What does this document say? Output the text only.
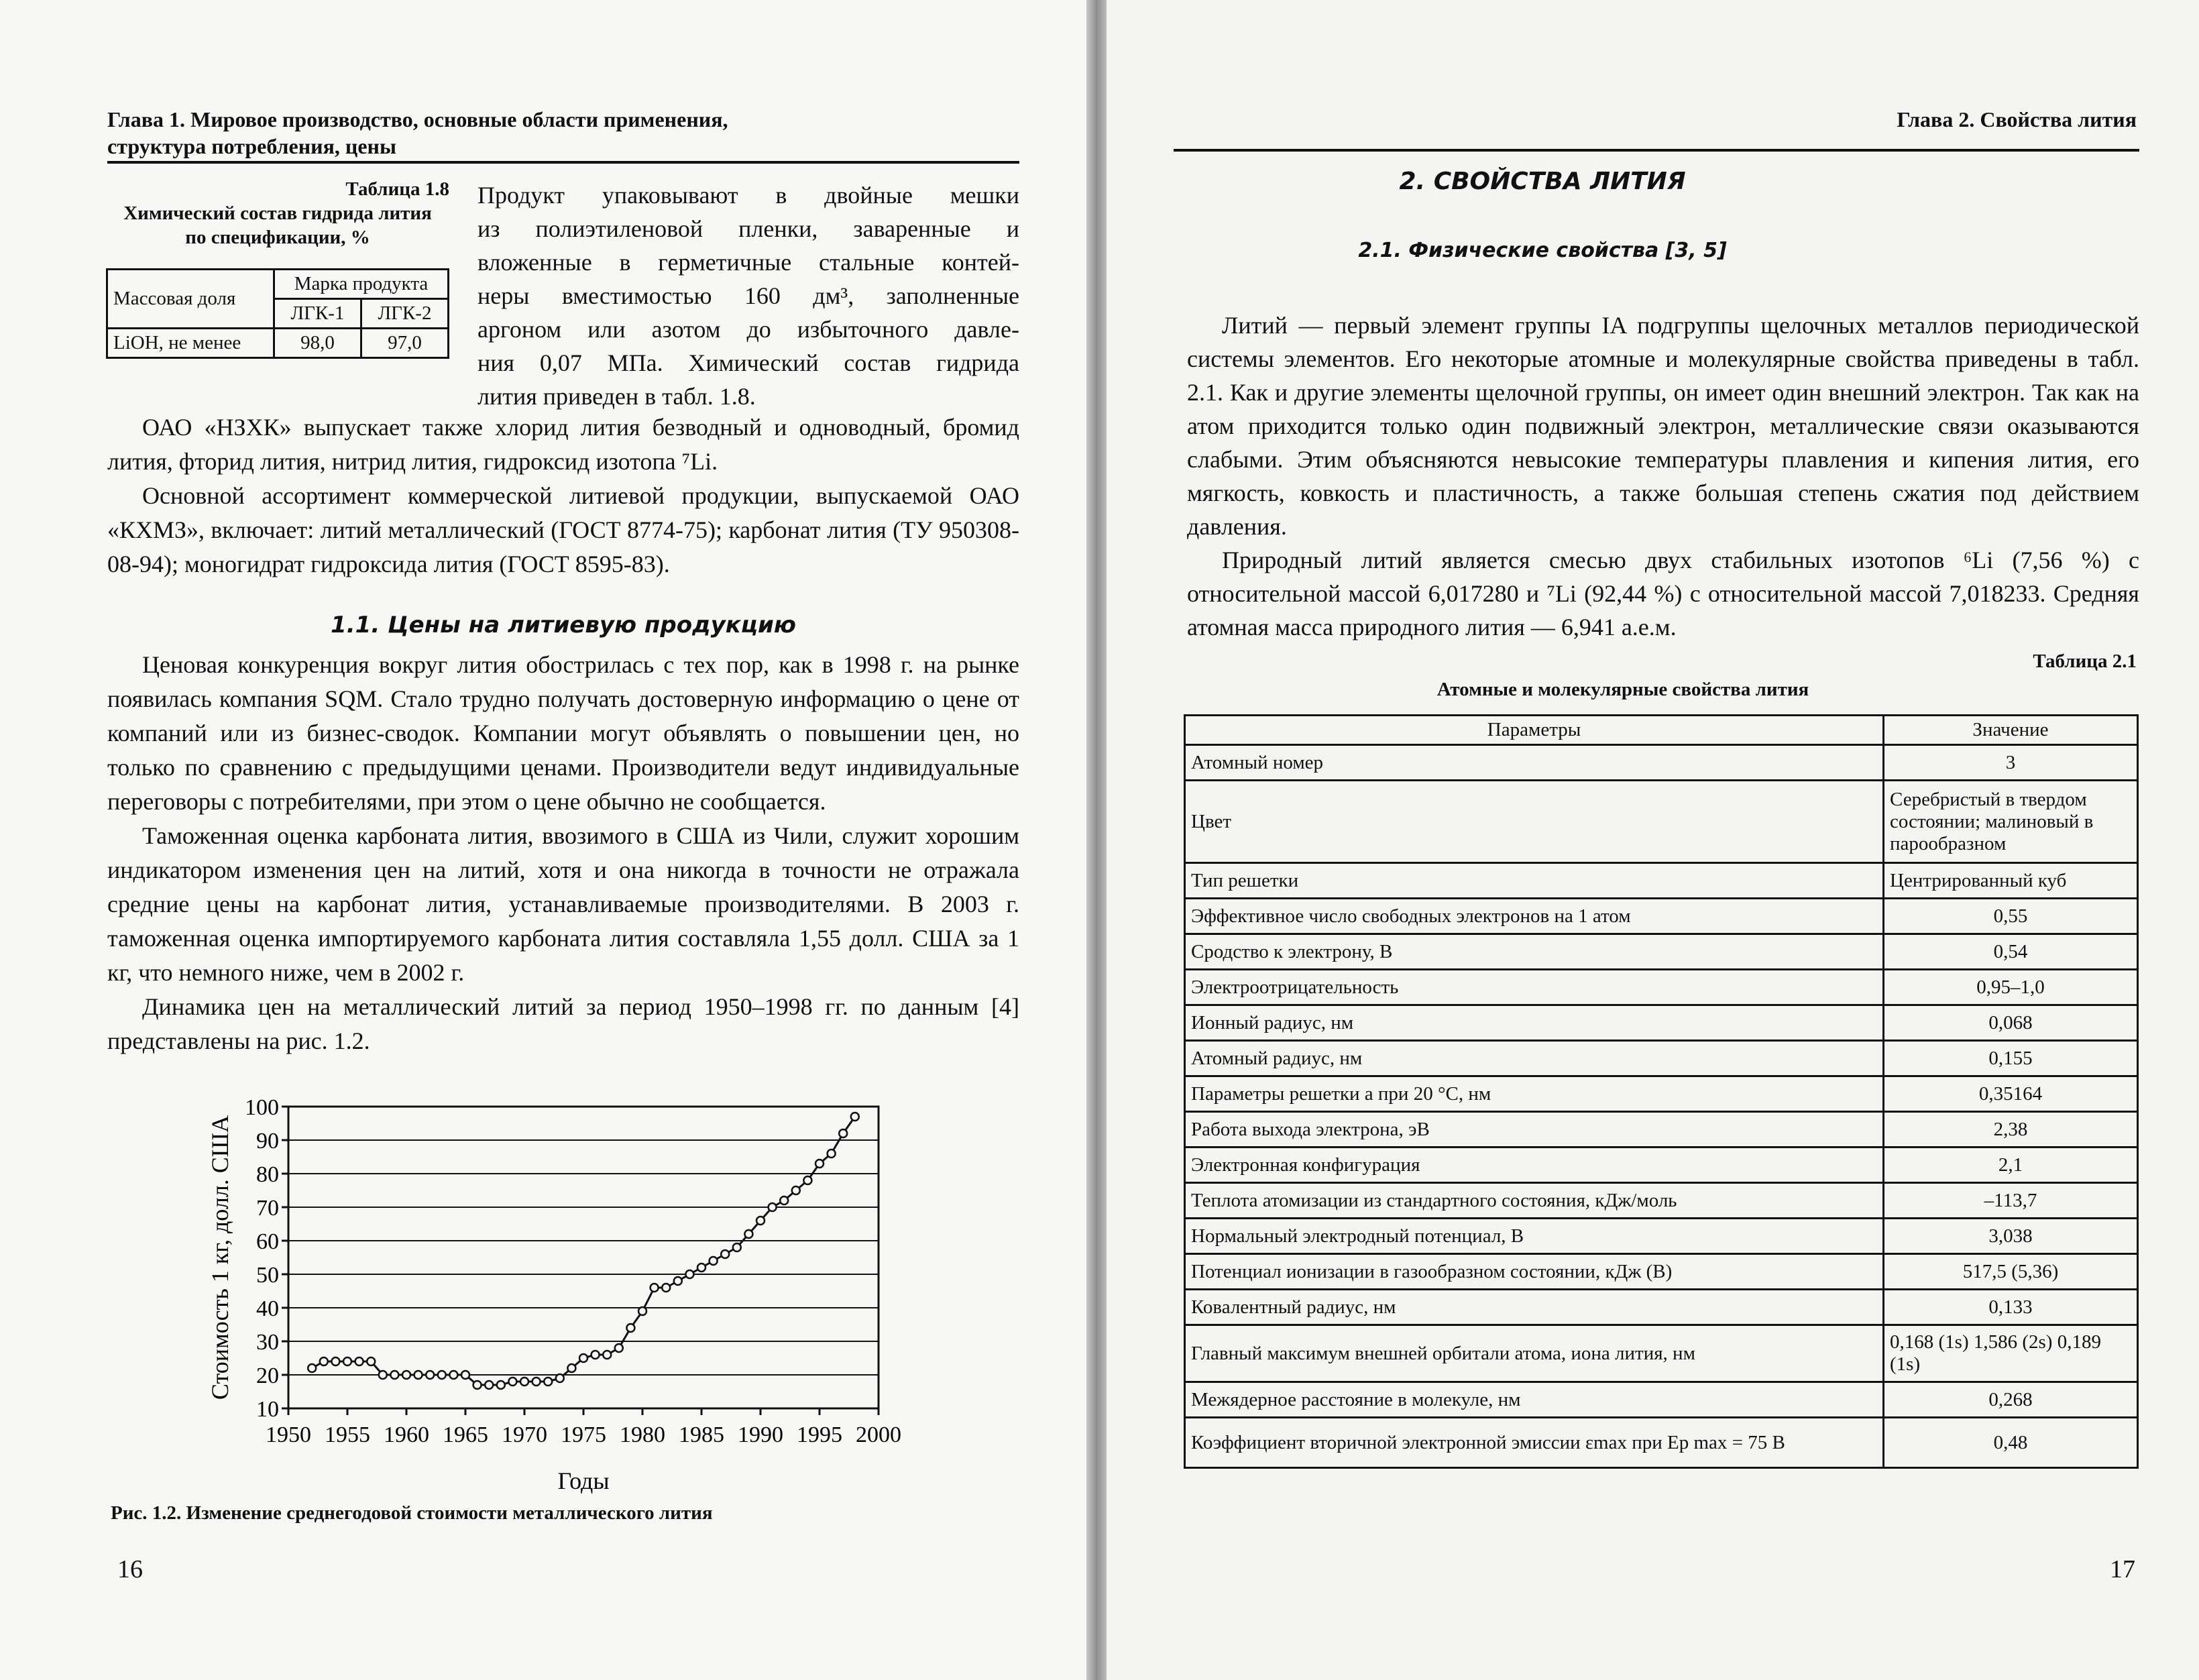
Глава 1. Мировое производство, основные области применения,
структура потребления, цены
Таблица 1.8
Химический состав гидрида лития
по спецификации, %
Массовая доля	Марка продукта	
	ЛГК-1	ЛГК-2
LiOH, не менее	98,0	97,0
Продукт упаковывают в двойные мешки
из полиэтиленовой пленки, заваренные и
вложенные в герметичные стальные контей-
неры вместимостью 160 дм³, заполненные
аргоном или азотом до избыточного давле-
ния 0,07 МПа. Химический состав гидрида
лития приведен в табл. 1.8.

ОАО «НЗХК» выпускает также хлорид лития безводный и одноводный, бромид лития, фторид лития, нитрид лития, гидроксид изотопа ⁷Li.

Основной ассортимент коммерческой литиевой продукции, выпускаемой ОАО «КХМЗ», включает: литий металлический (ГОСТ 8774-75); карбонат лития (ТУ 950308-08-94); моногидрат гидроксида лития (ГОСТ 8595-83).

1.1. Цены на литиевую продукцию

Ценовая конкуренция вокруг лития обострилась с тех пор, как в 1998 г. на рынке появилась компания SQM. Стало трудно получать достоверную информацию о цене от компаний или из бизнес-сводок. Компании могут объявлять о повышении цен, но только по сравнению с предыдущими ценами. Производители ведут индивидуальные переговоры с потребителями, при этом о цене обычно не сообщается.

Таможенная оценка карбоната лития, ввозимого в США из Чили, служит хорошим индикатором изменения цен на литий, хотя и она никогда в точности не отражала средние цены на карбонат лития, устанавливаемые производителями. В 2003 г. таможенная оценка импортируемого карбоната лития составляла 1,55 долл. США за 1 кг, что немного ниже, чем в 2002 г.

Динамика цен на металлический литий за период 1950–1998 гг. по данным [4] представлены на рис. 1.2.

10
20
30
40
50
60
70
80
90
100
1950 1955 1960 1965 1970 1975 1980 1985 1990 1995 2000
Годы
Стоимость 1 кг, долл. США
Рис. 1.2. Изменение среднегодовой стоимости металлического лития
16
Глава 2. Свойства лития
2. СВОЙСТВА ЛИТИЯ
2.1. Физические свойства [3, 5]

Литий — первый элемент группы IA подгруппы щелочных металлов периодической системы элементов. Его некоторые атомные и молекулярные свойства приведены в табл. 2.1. Как и другие элементы щелочной группы, он имеет один внешний электрон. Так как на атом приходится только один подвижный электрон, металлические связи оказываются слабыми. Этим объясняются невысокие температуры плавления и кипения лития, его мягкость, ковкость и пластичность, а также большая степень сжатия под действием давления.

Природный литий является смесью двух стабильных изотопов ⁶Li (7,56 %) с относительной массой 6,017280 и ⁷Li (92,44 %) с относительной массой 7,018233. Средняя атомная масса природного лития — 6,941 а.е.м.

Таблица 2.1
Атомные и молекулярные свойства лития
Параметры	Значение
Атомный номер	3
Цвет	Серебристый в твердом состоянии; малиновый в парообразном
Тип решетки	Центрированный куб
Эффективное число свободных электронов на 1 атом	0,55
Сродство к электрону, В	0,54
Электроотрицательность	0,95–1,0
Ионный радиус, нм	0,068
Атомный радиус, нм	0,155
Параметры решетки a при 20 °C, нм	0,35164
Работа выхода электрона, эВ	2,38
Электронная конфигурация	2,1
Теплота атомизации из стандартного состояния, кДж/моль	–113,7
Нормальный электродный потенциал, В	3,038
Потенциал ионизации в газообразном состоянии, кДж (В)	517,5 (5,36)
Ковалентный радиус, нм	0,133
Главный максимум внешней орбитали атома, иона лития, нм	0,168 (1s) 1,586 (2s) 0,189 (1s)
Межядерное расстояние в молекуле, нм	0,268
Коэффициент вторичной электронной эмиссии εmax при Ep max = 75 В	0,48
17
